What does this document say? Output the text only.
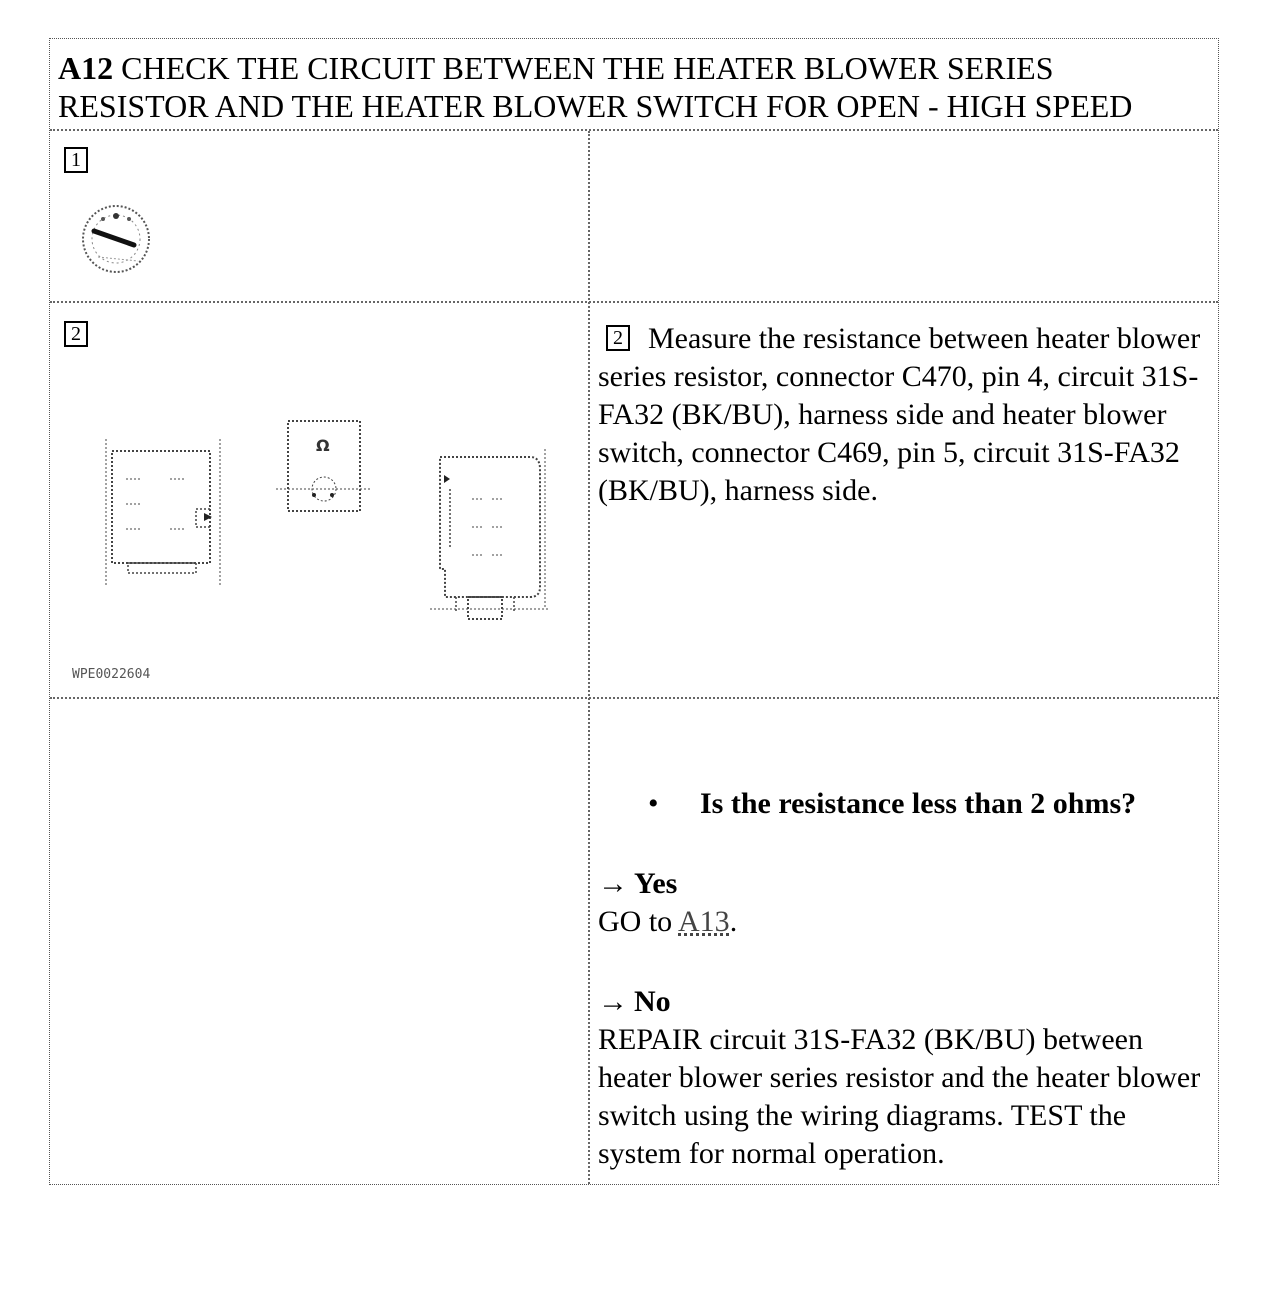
A12 CHECK THE CIRCUIT BETWEEN THE HEATER BLOWER SERIES RESISTOR AND THE HEATER BLOWER SWITCH FOR OPEN - HIGH SPEED
1
2
Ω
WPE0022604
2 Measure the resistance between heater blower series resistor, connector C470, pin 4, circuit 31S-FA32 (BK/BU), harness side and heater blower switch, connector C469, pin 5, circuit 31S-FA32 (BK/BU), harness side.
• Is the resistance less than 2 ohms?
→ Yes
GO to A13.
→ No
REPAIR circuit 31S-FA32 (BK/BU) between heater blower series resistor and the heater blower switch using the wiring diagrams. TEST the system for normal operation.
